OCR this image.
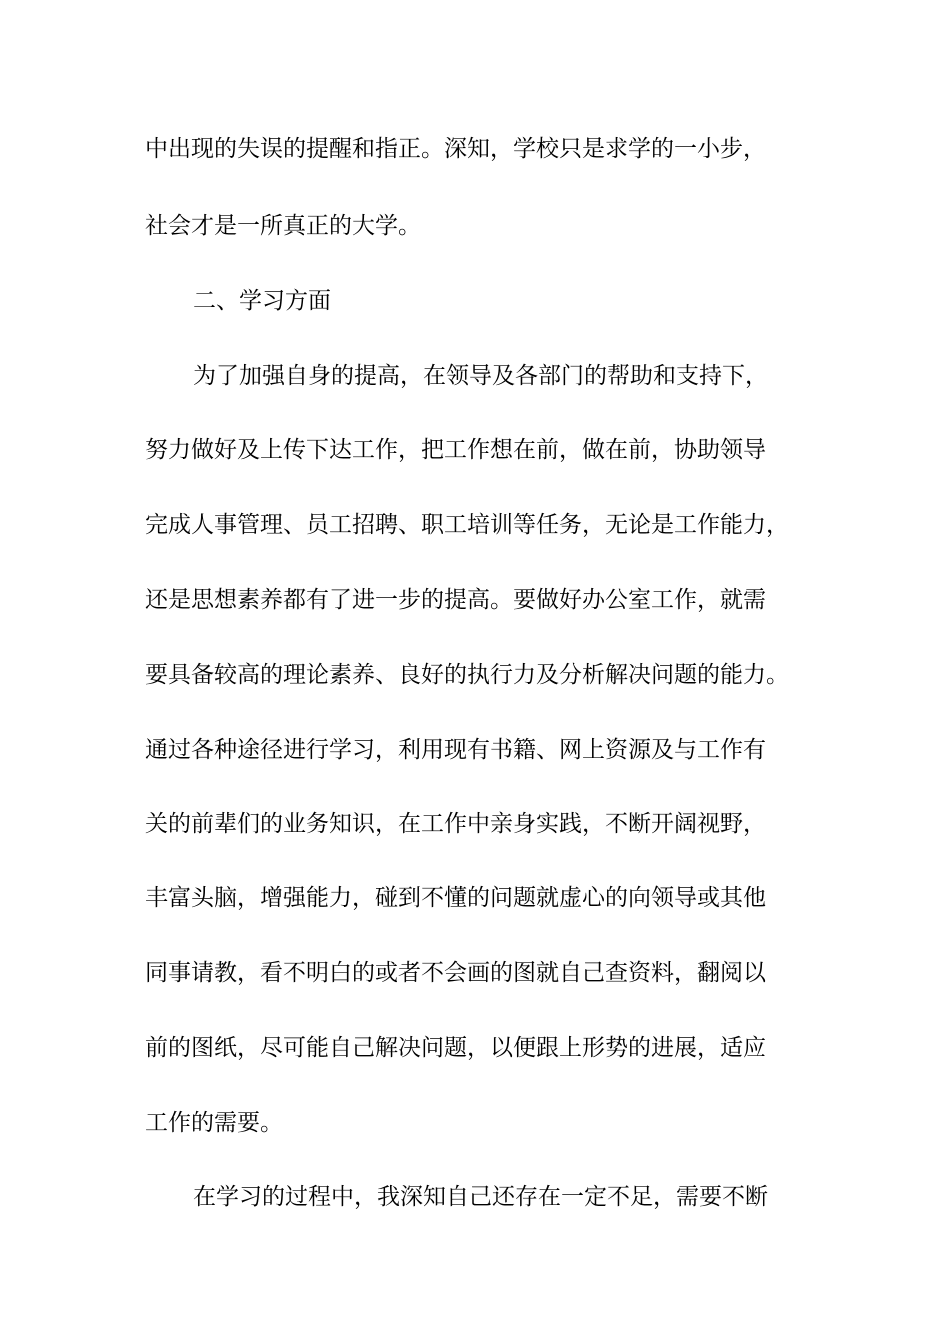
中出现的失误的提醒和指正。深知，学校只是求学的一小步，
社会才是一所真正的大学。
二、学习方面
为了加强自身的提高，在领导及各部门的帮助和支持下，
努力做好及上传下达工作，把工作想在前，做在前，协助领导
完成人事管理、员工招聘、职工培训等任务，无论是工作能力，
还是思想素养都有了进一步的提高。要做好办公室工作，就需
要具备较高的理论素养、良好的执行力及分析解决问题的能力。
通过各种途径进行学习，利用现有书籍、网上资源及与工作有
关的前辈们的业务知识，在工作中亲身实践，不断开阔视野，
丰富头脑，增强能力，碰到不懂的问题就虚心的向领导或其他
同事请教，看不明白的或者不会画的图就自己查资料，翻阅以
前的图纸，尽可能自己解决问题，以便跟上形势的进展，适应
工作的需要。
在学习的过程中，我深知自己还存在一定不足，需要不断
